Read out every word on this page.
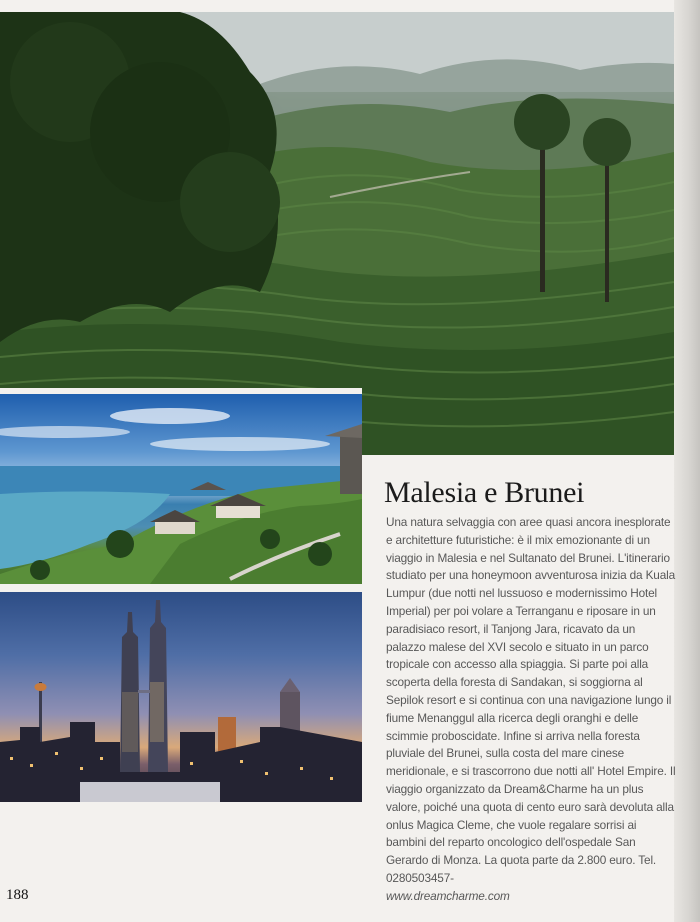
Malesia e Brunei

Una natura selvaggia con aree quasi ancora inesplorate e architetture futuristiche: è il mix emozionante di un viaggio in Malesia e nel Sultanato del Brunei. L'itinerario studiato per una honeymoon avventurosa inizia da Kuala Lumpur (due notti nel lussuoso e modernissimo Hotel Imperial) per poi volare a Terranganu e riposare in un paradisiaco resort, il Tanjong Jara, ricavato da un palazzo malese del XVI secolo e situato in un parco tropicale con accesso alla spiaggia. Si parte poi alla scoperta della foresta di Sandakan, si soggiorna al Sepilok resort e si continua con una navigazione lungo il fiume Menanggul alla ricerca degli oranghi e delle scimmie proboscidate. Infine si arriva nella foresta pluviale del Brunei, sulla costa del mare cinese meridionale, e si trascorrono due notti all' Hotel Empire. Il viaggio organizzato da Dream&Charme ha un plus valore, poiché una quota di cento euro sarà devoluta alla onlus Magica Cleme, che vuole regalare sorrisi ai bambini del reparto oncologico dell'ospedale San Gerardo di Monza. La quota parte da 2.800 euro. Tel. 0280503457-
www.dreamcharme.com

188
